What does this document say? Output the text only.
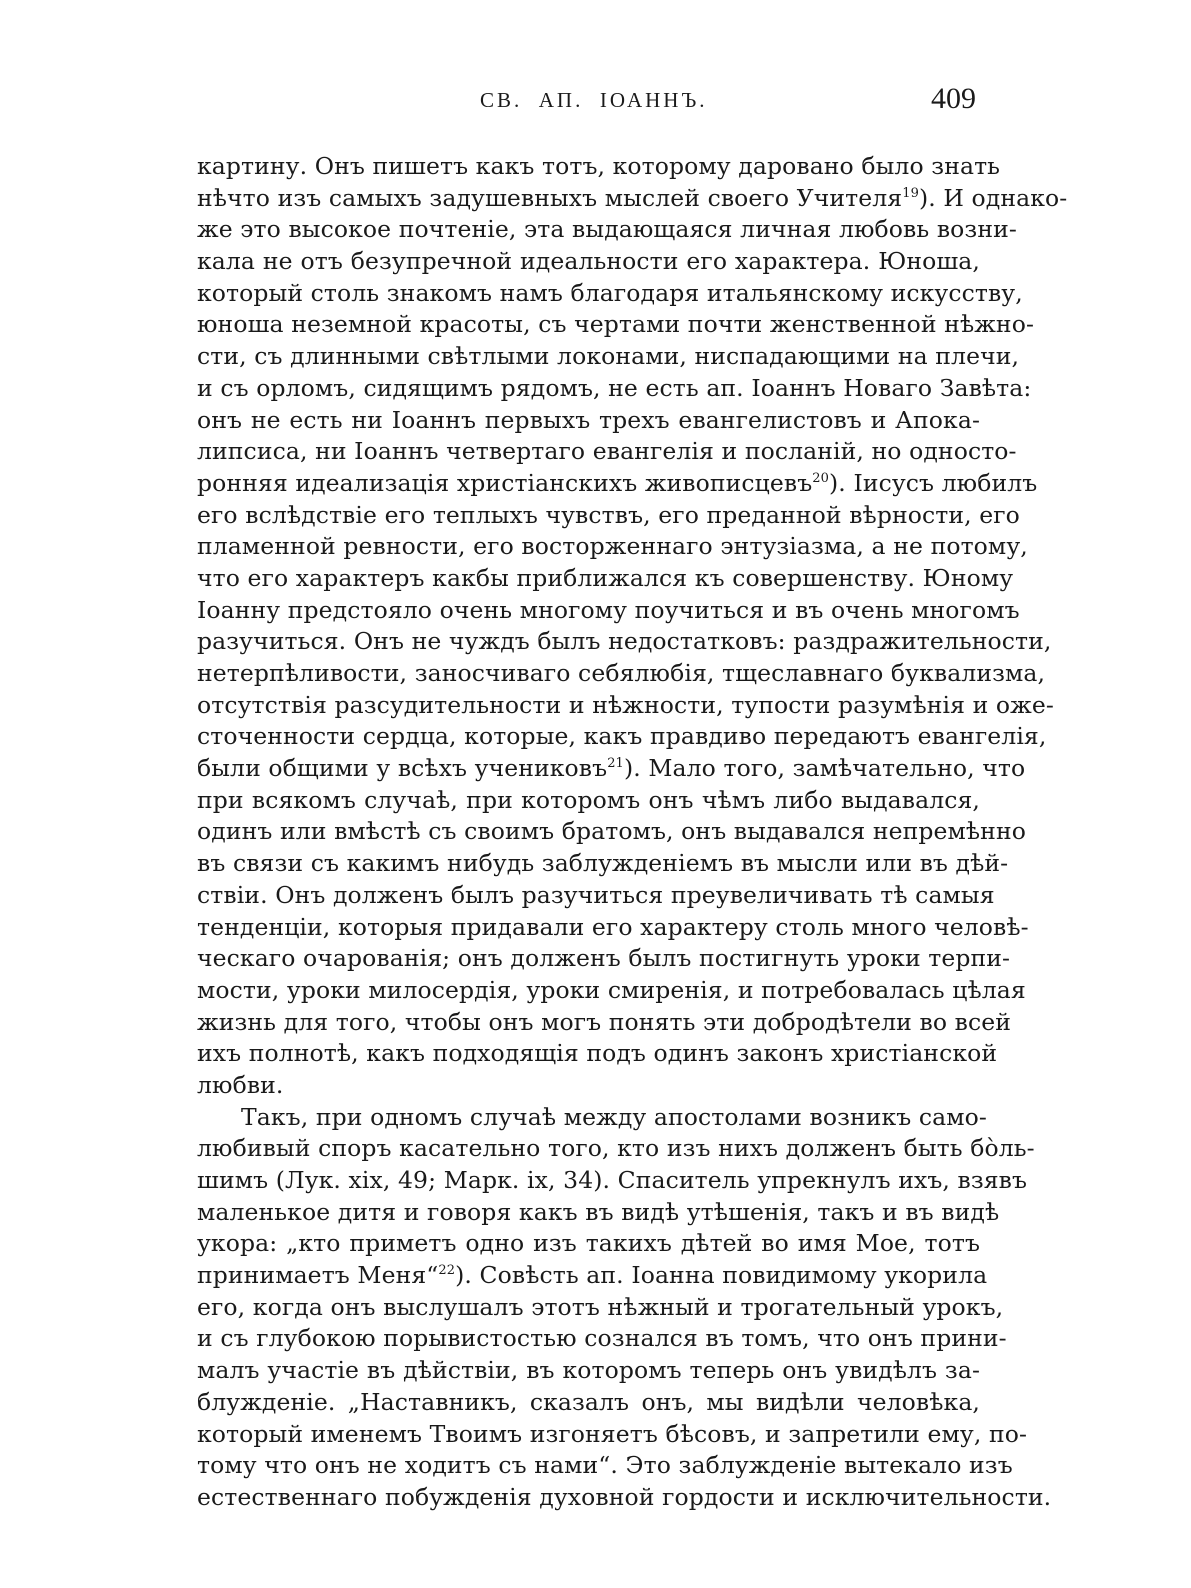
СВ.  АП.  ІОАННЪ.	409
картину. Онъ пишетъ какъ тотъ, которому даровано было знать
нѣчто изъ самыхъ задушевныхъ мыслей своего Учителя$^{19}$). И однако-
же это высокое почтеніе, эта выдающаяся личная любовь возни-
кала не отъ безупречной идеальности его характера. Юноша,
который столь знакомъ намъ благодаря итальянскому искусству,
юноша неземной красоты, съ чертами почти женственной нѣжно-
сти, съ длинными свѣтлыми локонами, ниспадающими на плечи,
и съ орломъ, сидящимъ рядомъ, не есть ап. Іоаннъ Новаго Завѣта:
онъ не есть ни Іоаннъ первыхъ трехъ евангелистовъ и Апока-
липсиса, ни Іоаннъ четвертаго евангелія и посланій, но односто-
ронняя идеализація христіанскихъ живописцевъ$^{20}$). Іисусъ любилъ
его вслѣдствіе его теплыхъ чувствъ, его преданной вѣрности, его
пламенной ревности, его восторженнаго энтузіазма, а не потому,
что его характеръ какбы приближался къ совершенству. Юному
Іоанну предстояло очень многому поучиться и въ очень многомъ
разучиться. Онъ не чуждъ былъ недостатковъ: раздражительности,
нетерпѣливости, заносчиваго себялюбія, тщеславнаго буквализма,
отсутствія разсудительности и нѣжности, тупости разумѣнія и оже-
сточенности сердца, которые, какъ правдиво передаютъ евангелія,
были общими у всѣхъ учениковъ$^{21}$). Мало того, замѣчательно, что
при всякомъ случаѣ, при которомъ онъ чѣмъ либо выдавался,
одинъ или вмѣстѣ съ своимъ братомъ, онъ выдавался непремѣнно
въ связи съ какимъ нибудь заблужденіемъ въ мысли или въ дѣй-
ствіи. Онъ долженъ былъ разучиться преувеличивать тѣ самыя
тенденціи, которыя придавали его характеру столь много человѣ-
ческаго очарованія; онъ долженъ былъ постигнуть уроки терпи-
мости, уроки милосердія, уроки смиренія, и потребовалась цѣлая
жизнь для того, чтобы онъ могъ понять эти добродѣтели во всей
ихъ полнотѣ, какъ подходящія подъ одинъ законъ христіанской
любви.
Такъ, при одномъ случаѣ между апостолами возникъ само-
любивый споръ касательно того, кто изъ нихъ долженъ быть бòль-
шимъ (Лук. xix, 49; Марк. ix, 34). Спаситель упрекнулъ ихъ, взявъ
маленькое дитя и говоря какъ въ видѣ утѣшенія, такъ и въ видѣ
укора: „кто приметъ одно изъ такихъ дѣтей во имя Мое, тотъ
принимаетъ Меня“$^{22}$). Совѣсть ап. Іоанна повидимому укорила
его, когда онъ выслушалъ этотъ нѣжный и трогательный урокъ,
и съ глубокою порывистостью сознался въ томъ, что онъ прини-
малъ участіе въ дѣйствіи, въ которомъ теперь онъ увидѣлъ за-
блужденіе. „Наставникъ, сказалъ онъ, мы видѣли человѣка,
который именемъ Твоимъ изгоняетъ бѣсовъ, и запретили ему, по-
тому что онъ не ходитъ съ нами“. Это заблужденіе вытекало изъ
естественнаго побужденія духовной гордости и исключительности.
